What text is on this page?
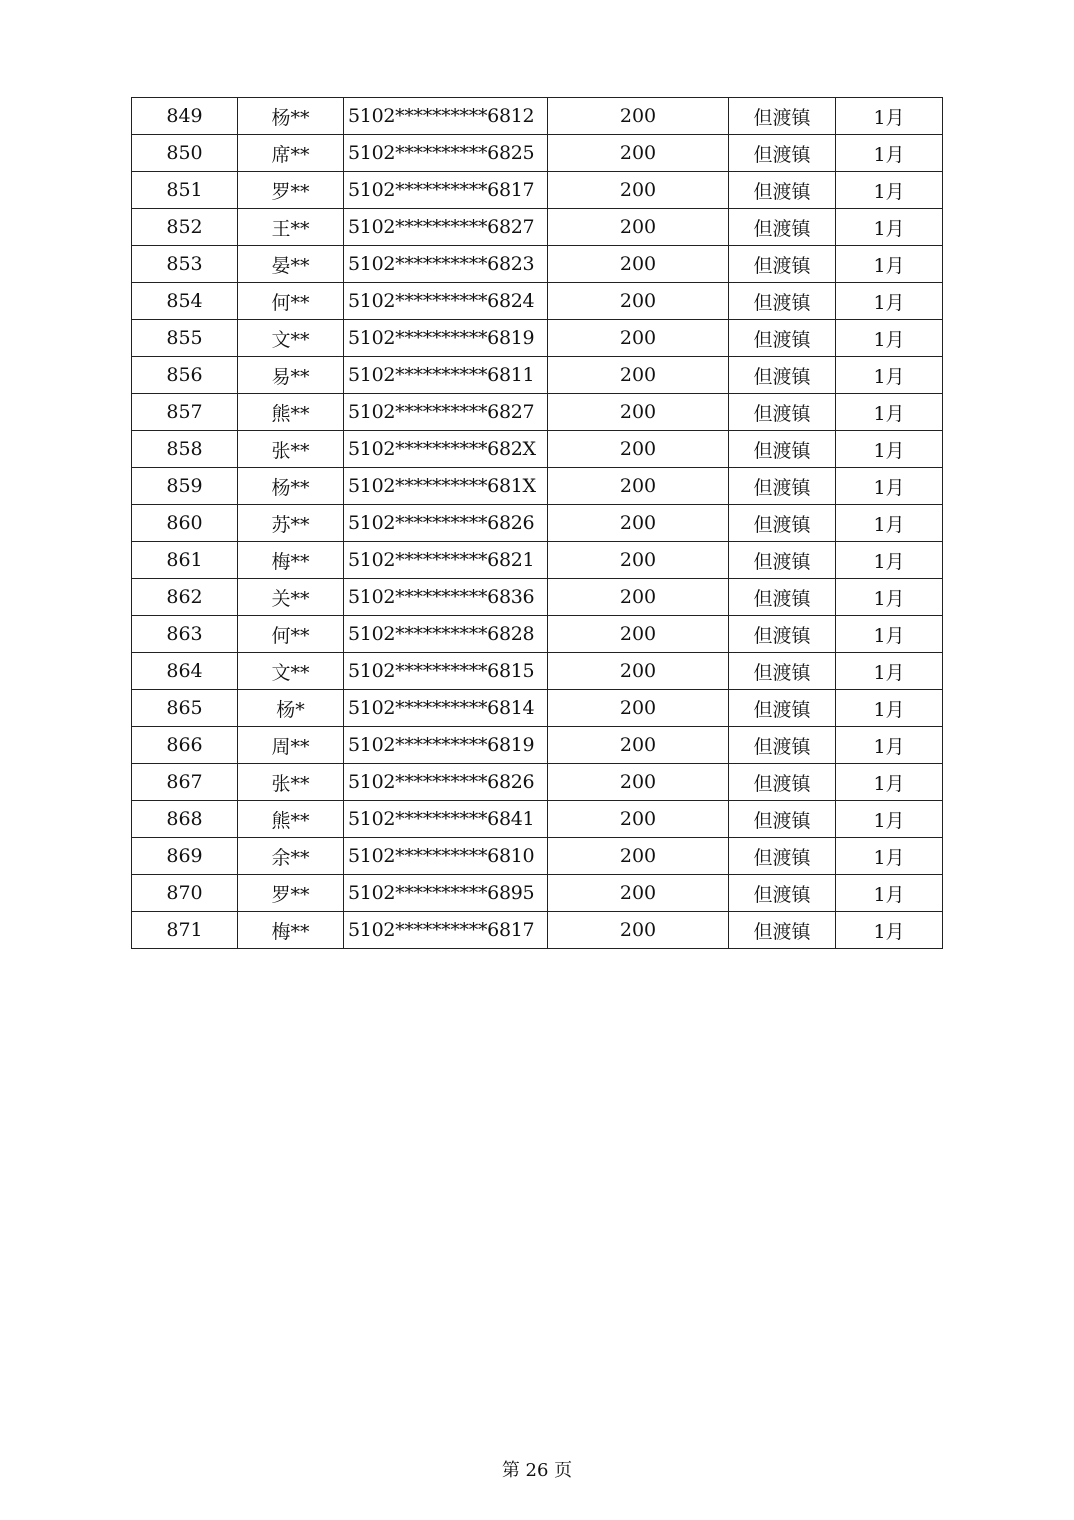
849	杨**	5102**********6812	200	但渡镇	1月
850	席**	5102**********6825	200	但渡镇	1月
851	罗**	5102**********6817	200	但渡镇	1月
852	王**	5102**********6827	200	但渡镇	1月
853	晏**	5102**********6823	200	但渡镇	1月
854	何**	5102**********6824	200	但渡镇	1月
855	文**	5102**********6819	200	但渡镇	1月
856	易**	5102**********6811	200	但渡镇	1月
857	熊**	5102**********6827	200	但渡镇	1月
858	张**	5102**********682X	200	但渡镇	1月
859	杨**	5102**********681X	200	但渡镇	1月
860	苏**	5102**********6826	200	但渡镇	1月
861	梅**	5102**********6821	200	但渡镇	1月
862	关**	5102**********6836	200	但渡镇	1月
863	何**	5102**********6828	200	但渡镇	1月
864	文**	5102**********6815	200	但渡镇	1月
865	杨*	5102**********6814	200	但渡镇	1月
866	周**	5102**********6819	200	但渡镇	1月
867	张**	5102**********6826	200	但渡镇	1月
868	熊**	5102**********6841	200	但渡镇	1月
869	余**	5102**********6810	200	但渡镇	1月
870	罗**	5102**********6895	200	但渡镇	1月
871	梅**	5102**********6817	200	但渡镇	1月
第 26 页
